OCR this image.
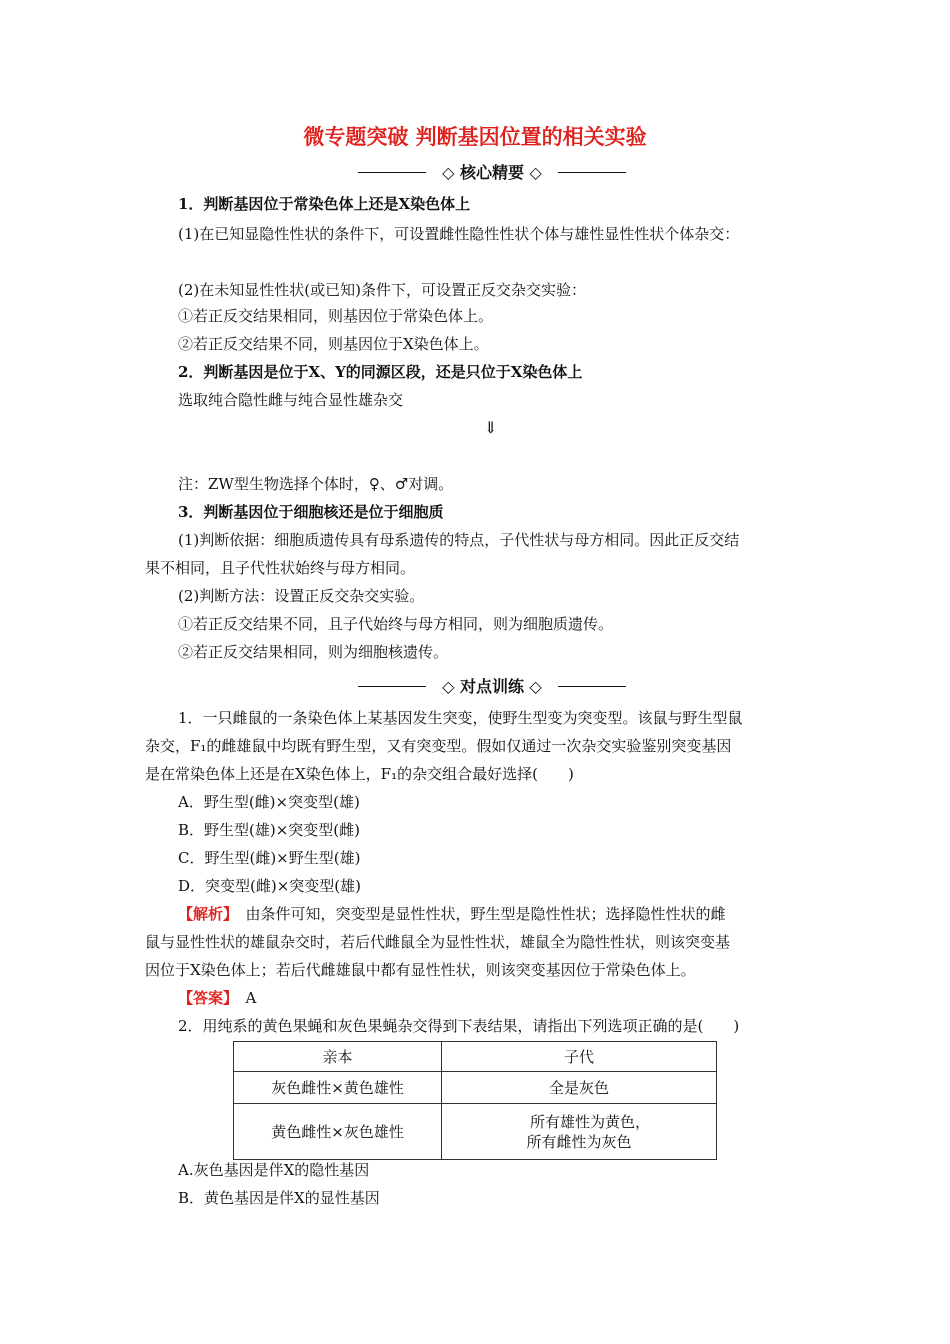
微专题突破 判断基因位置的相关实验
◇ 核心精要 ◇
1．判断基因位于常染色体上还是X染色体上
(1)在已知显隐性性状的条件下，可设置雌性隐性性状个体与雄性显性性状个体杂交：
(2)在未知显性性状(或已知)条件下，可设置正反交杂交实验：
①若正反交结果相同，则基因位于常染色体上。
②若正反交结果不同，则基因位于X染色体上。
2．判断基因是位于X、Y的同源区段，还是只位于X染色体上
选取纯合隐性雌与纯合显性雄杂交
⇓
注：ZW型生物选择个体时，♀、♂对调。
3．判断基因位于细胞核还是位于细胞质
(1)判断依据：细胞质遗传具有母系遗传的特点，子代性状与母方相同。因此正反交结
果不相同，且子代性状始终与母方相同。
(2)判断方法：设置正反交杂交实验。
①若正反交结果不同，且子代始终与母方相同，则为细胞质遗传。
②若正反交结果相同，则为细胞核遗传。
◇ 对点训练 ◇
1．一只雌鼠的一条染色体上某基因发生突变，使野生型变为突变型。该鼠与野生型鼠
杂交，F₁的雌雄鼠中均既有野生型，又有突变型。假如仅通过一次杂交实验鉴别突变基因
是在常染色体上还是在X染色体上，F₁的杂交组合最好选择(　　)
A．野生型(雌)×突变型(雄)
B．野生型(雄)×突变型(雌)
C．野生型(雌)×野生型(雄)
D．突变型(雌)×突变型(雄)
【解析】　由条件可知，突变型是显性性状，野生型是隐性性状；选择隐性性状的雌
鼠与显性性状的雄鼠杂交时，若后代雌鼠全为显性性状，雄鼠全为隐性性状，则该突变基
因位于X染色体上；若后代雌雄鼠中都有显性性状，则该突变基因位于常染色体上。
【答案】　A
2．用纯系的黄色果蝇和灰色果蝇杂交得到下表结果，请指出下列选项正确的是(　　)
亲本	子代
灰色雌性×黄色雄性	全是灰色
黄色雌性×灰色雄性	所有雄性为黄色，
所有雌性为灰色
A.灰色基因是伴X的隐性基因
B．黄色基因是伴X的显性基因
